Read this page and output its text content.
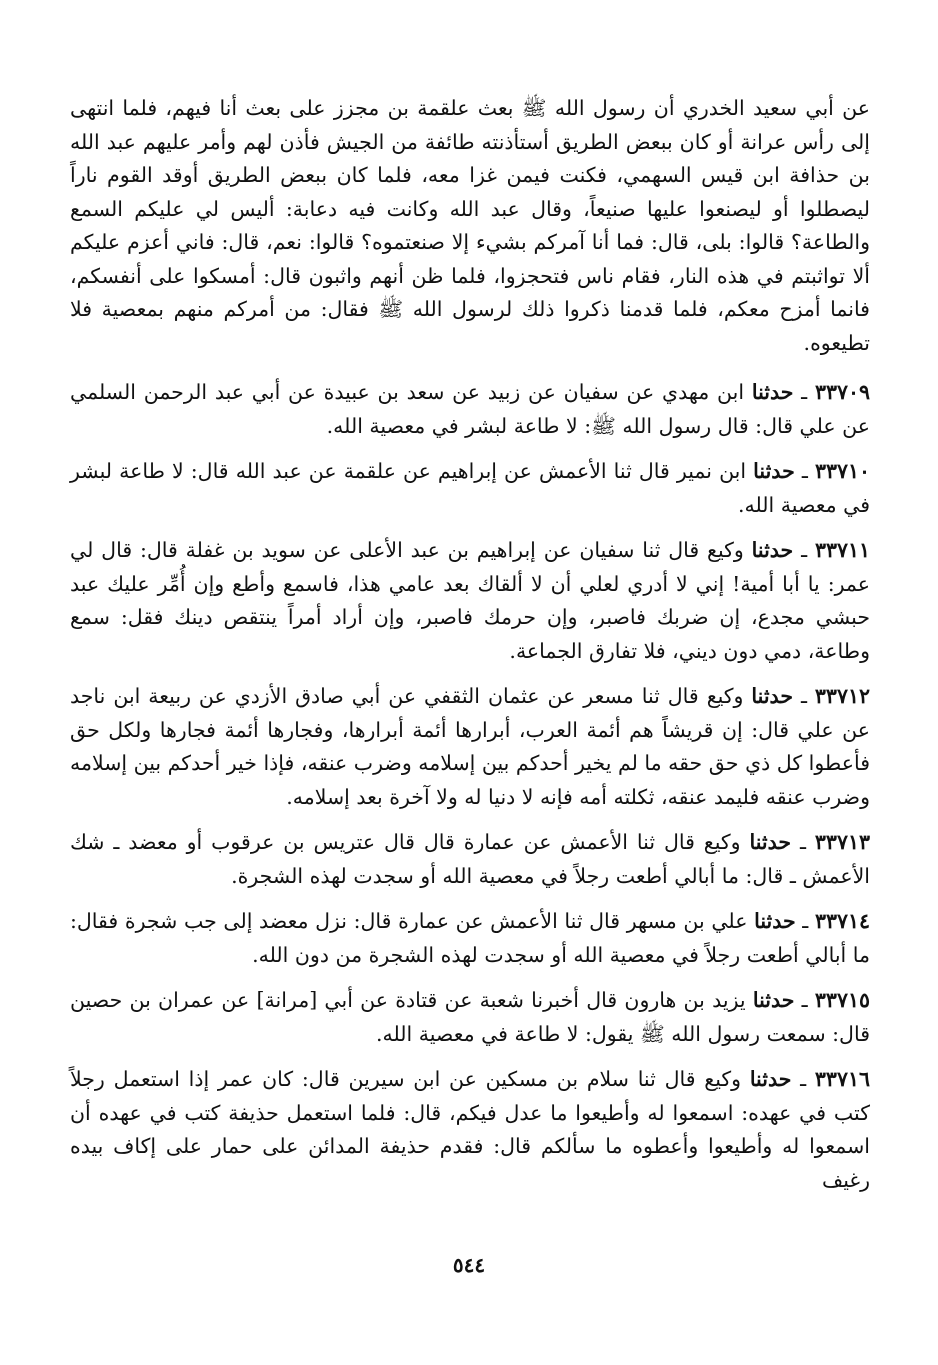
عن أبي سعيد الخدري أن رسول الله ﷺ بعث علقمة بن مجزز على بعث أنا فيهم، فلما انتهى إلى رأس عرانة أو كان ببعض الطريق أستأذنته طائفة من الجيش فأذن لهم وأمر عليهم عبد الله بن حذافة ابن قيس السهمي، فكنت فيمن غزا معه، فلما كان ببعض الطريق أوقد القوم ناراً ليصطلوا أو ليصنعوا عليها صنيعاً، وقال عبد الله وكانت فيه دعابة: أليس لي عليكم السمع والطاعة؟ قالوا: بلى، قال: فما أنا آمركم بشيء إلا صنعتموه؟ قالوا: نعم، قال: فاني أعزم عليكم ألا تواثبتم في هذه النار، فقام ناس فتحجزوا، فلما ظن أنهم واثبون قال: أمسكوا على أنفسكم، فانما أمزح معكم، فلما قدمنا ذكروا ذلك لرسول الله ﷺ فقال: من أمركم منهم بمعصية فلا تطيعوه.

٣٣٧٠٩ ـ حدثنا ابن مهدي عن سفيان عن زبيد عن سعد بن عبيدة عن أبي عبد الرحمن السلمي عن علي قال: قال رسول الله ﷺ: لا طاعة لبشر في معصية الله.

٣٣٧١٠ ـ حدثنا ابن نمير قال ثنا الأعمش عن إبراهيم عن علقمة عن عبد الله قال: لا طاعة لبشر في معصية الله.

٣٣٧١١ ـ حدثنا وكيع قال ثنا سفيان عن إبراهيم بن عبد الأعلى عن سويد بن غفلة قال: قال لي عمر: يا أبا أمية! إني لا أدري لعلي أن لا ألقاك بعد عامي هذا، فاسمع وأطع وإن أُمِّر عليك عبد حبشي مجدع، إن ضربك فاصبر، وإن حرمك فاصبر، وإن أراد أمراً ينتقص دينك فقل: سمع وطاعة، دمي دون ديني، فلا تفارق الجماعة.

٣٣٧١٢ ـ حدثنا وكيع قال ثنا مسعر عن عثمان الثقفي عن أبي صادق الأزدي عن ربيعة ابن ناجد عن علي قال: إن قريشاً هم أئمة العرب، أبرارها أئمة أبرارها، وفجارها أئمة فجارها ولكل حق فأعطوا كل ذي حق حقه ما لم يخير أحدكم بين إسلامه وضرب عنقه، فإذا خير أحدكم بين إسلامه وضرب عنقه فليمد عنقه، ثكلته أمه فإنه لا دنيا له ولا آخرة بعد إسلامه.

٣٣٧١٣ ـ حدثنا وكيع قال ثنا الأعمش عن عمارة قال قال عتريس بن عرقوب أو معضد ـ شك الأعمش ـ قال: ما أبالي أطعت رجلاً في معصية الله أو سجدت لهذه الشجرة.

٣٣٧١٤ ـ حدثنا علي بن مسهر قال ثنا الأعمش عن عمارة قال: نزل معضد إلى جب شجرة فقال: ما أبالي أطعت رجلاً في معصية الله أو سجدت لهذه الشجرة من دون الله.

٣٣٧١٥ ـ حدثنا يزيد بن هارون قال أخبرنا شعبة عن قتادة عن أبي [مرانة] عن عمران بن حصين قال: سمعت رسول الله ﷺ يقول: لا طاعة في معصية الله.

٣٣٧١٦ ـ حدثنا وكيع قال ثنا سلام بن مسكين عن ابن سيرين قال: كان عمر إذا استعمل رجلاً كتب في عهده: اسمعوا له وأطيعوا ما عدل فيكم، قال: فلما استعمل حذيفة كتب في عهده أن اسمعوا له وأطيعوا وأعطوه ما سألكم قال: فقدم حذيفة المدائن على حمار على إكاف بيده رغيف

٥٤٤
